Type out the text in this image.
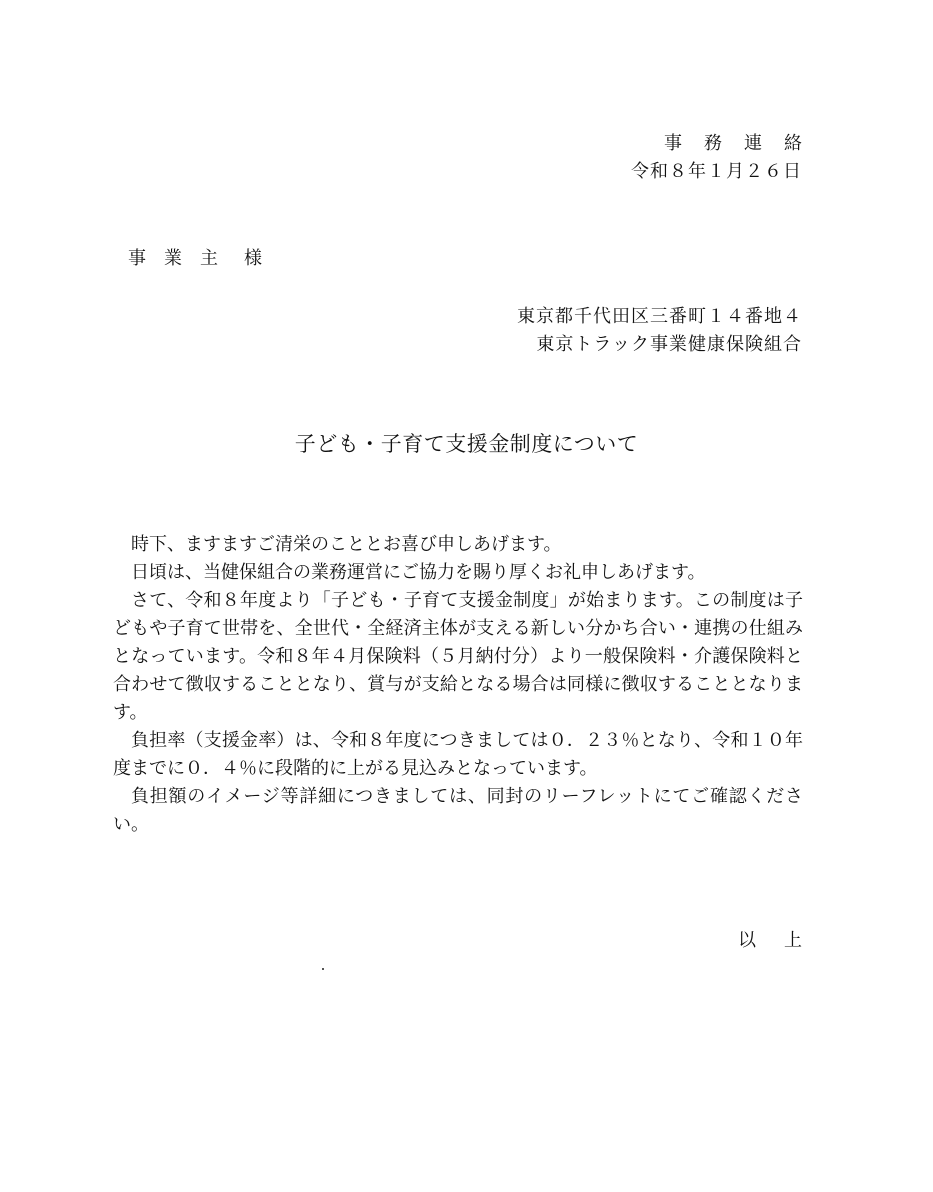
事務連絡
令和８年１月２６日
事　業　主 様
東京都千代田区三番町１４番地４
東京トラック事業健康保険組合
子ども・子育て支援金制度について

時下、ますますご清栄のこととお喜び申しあげます。

日頃は、当健保組合の業務運営にご協力を賜り厚くお礼申しあげます。

さて、令和８年度より「子ども・子育て支援金制度」が始まります。この制度は子どもや子育て世帯を、全世代・全経済主体が支える新しい分かち合い・連携の仕組みとなっています。令和８年４月保険料（５月納付分）より一般保険料・介護保険料と合わせて徴収することとなり、賞与が支給となる場合は同様に徴収することとなります。

負担率（支援金率）は、令和８年度につきましては０．２３％となり、令和１０年度までに０．４％に段階的に上がる見込みとなっています。

負担額のイメージ等詳細につきましては、同封のリーフレットにてご確認ください。

以上
